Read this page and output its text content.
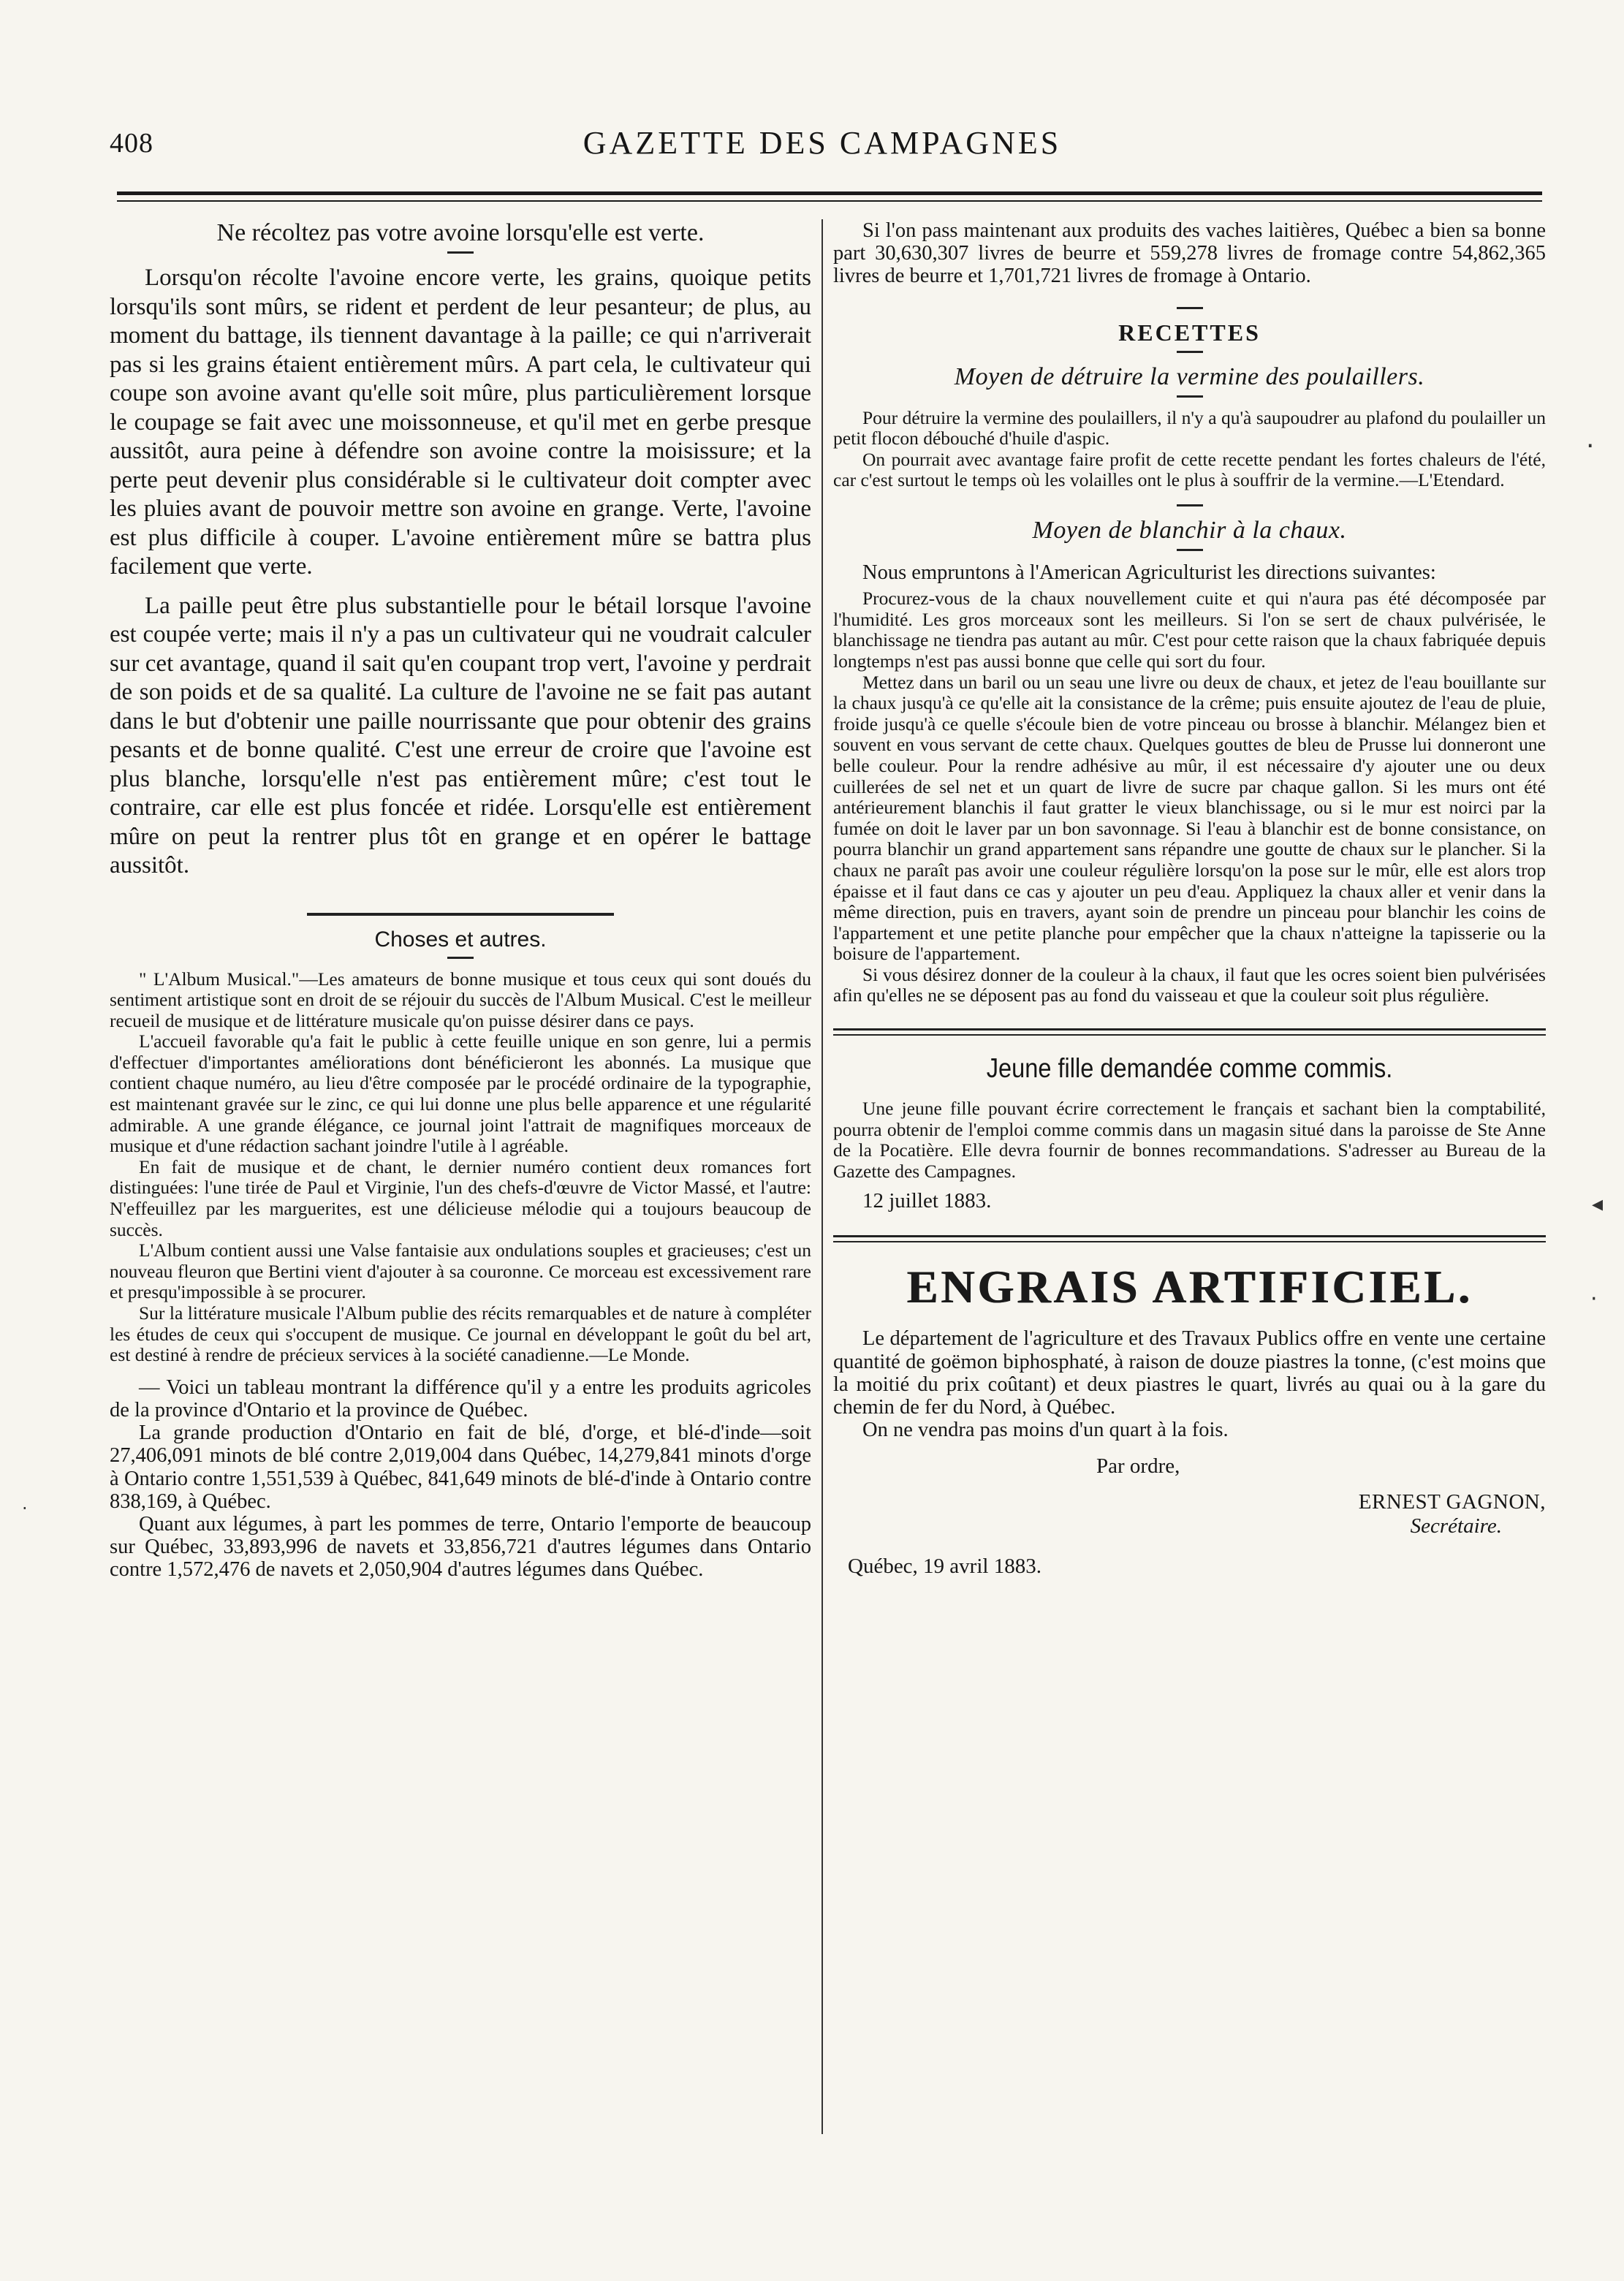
408	GAZETTE DES CAMPAGNES
Ne récoltez pas votre avoine lorsqu'elle est verte.

Lorsqu'on récolte l'avoine encore verte, les grains, quoique petits lorsqu'ils sont mûrs, se rident et perdent de leur pesanteur; de plus, au moment du battage, ils tiennent davantage à la paille; ce qui n'arriverait pas si les grains étaient entièrement mûrs. A part cela, le cultivateur qui coupe son avoine avant qu'elle soit mûre, plus particulièrement lorsque le coupage se fait avec une moissonneuse, et qu'il met en gerbe presque aussitôt, aura peine à défendre son avoine contre la moisissure; et la perte peut devenir plus considérable si le cultivateur doit compter avec les pluies avant de pouvoir mettre son avoine en grange. Verte, l'avoine est plus difficile à couper. L'avoine entièrement mûre se battra plus facilement que verte.

La paille peut être plus substantielle pour le bétail lorsque l'avoine est coupée verte; mais il n'y a pas un cultivateur qui ne voudrait calculer sur cet avantage, quand il sait qu'en coupant trop vert, l'avoine y perdrait de son poids et de sa qualité. La culture de l'avoine ne se fait pas autant dans le but d'obtenir une paille nourrissante que pour obtenir des grains pesants et de bonne qualité. C'est une erreur de croire que l'avoine est plus blanche, lorsqu'elle n'est pas entièrement mûre; c'est tout le contraire, car elle est plus foncée et ridée. Lorsqu'elle est entièrement mûre on peut la rentrer plus tôt en grange et en opérer le battage aussitôt.

Choses et autres.

" L'Album Musical."—Les amateurs de bonne musique et tous ceux qui sont doués du sentiment artistique sont en droit de se réjouir du succès de l'Album Musical. C'est le meilleur recueil de musique et de littérature musicale qu'on puisse désirer dans ce pays.

L'accueil favorable qu'a fait le public à cette feuille unique en son genre, lui a permis d'effectuer d'importantes améliorations dont bénéficieront les abonnés. La musique que contient chaque numéro, au lieu d'être composée par le procédé ordinaire de la typographie, est maintenant gravée sur le zinc, ce qui lui donne une plus belle apparence et une régularité admirable. A une grande élégance, ce journal joint l'attrait de magnifiques morceaux de musique et d'une rédaction sachant joindre l'utile à l agréable.

En fait de musique et de chant, le dernier numéro contient deux romances fort distinguées: l'une tirée de Paul et Virginie, l'un des chefs-d'œuvre de Victor Massé, et l'autre: N'effeuillez par les marguerites, est une délicieuse mélodie qui a toujours beaucoup de succès.

L'Album contient aussi une Valse fantaisie aux ondulations souples et gracieuses; c'est un nouveau fleuron que Bertini vient d'ajouter à sa couronne. Ce morceau est excessivement rare et presqu'impossible à se procurer.

Sur la littérature musicale l'Album publie des récits remarquables et de nature à compléter les études de ceux qui s'occupent de musique. Ce journal en développant le goût du bel art, est destiné à rendre de précieux services à la société canadienne.—Le Monde.

— Voici un tableau montrant la différence qu'il y a entre les produits agricoles de la province d'Ontario et la province de Québec.

La grande production d'Ontario en fait de blé, d'orge, et blé-d'inde—soit 27,406,091 minots de blé contre 2,019,004 dans Québec, 14,279,841 minots d'orge à Ontario contre 1,551,539 à Québec, 841,649 minots de blé-d'inde à Ontario contre 838,169, à Québec.

Quant aux légumes, à part les pommes de terre, Ontario l'emporte de beaucoup sur Québec, 33,893,996 de navets et 33,856,721 d'autres légumes dans Ontario contre 1,572,476 de navets et 2,050,904 d'autres légumes dans Québec.

Si l'on pass maintenant aux produits des vaches laitières, Québec a bien sa bonne part 30,630,307 livres de beurre et 559,278 livres de fromage contre 54,862,365 livres de beurre et 1,701,721 livres de fromage à Ontario.

RECETTES
Moyen de détruire la vermine des poulaillers.

Pour détruire la vermine des poulaillers, il n'y a qu'à saupoudrer au plafond du poulailler un petit flocon débouché d'huile d'aspic.

On pourrait avec avantage faire profit de cette recette pendant les fortes chaleurs de l'été, car c'est surtout le temps où les volailles ont le plus à souffrir de la vermine.—L'Etendard.

Moyen de blanchir à la chaux.

Nous empruntons à l'American Agriculturist les directions suivantes:

Procurez-vous de la chaux nouvellement cuite et qui n'aura pas été décomposée par l'humidité. Les gros morceaux sont les meilleurs. Si l'on se sert de chaux pulvérisée, le blanchissage ne tiendra pas autant au mûr. C'est pour cette raison que la chaux fabriquée depuis longtemps n'est pas aussi bonne que celle qui sort du four.

Mettez dans un baril ou un seau une livre ou deux de chaux, et jetez de l'eau bouillante sur la chaux jusqu'à ce qu'elle ait la consistance de la crême; puis ensuite ajoutez de l'eau de pluie, froide jusqu'à ce quelle s'écoule bien de votre pinceau ou brosse à blanchir. Mélangez bien et souvent en vous servant de cette chaux. Quelques gouttes de bleu de Prusse lui donneront une belle couleur. Pour la rendre adhésive au mûr, il est nécessaire d'y ajouter une ou deux cuillerées de sel net et un quart de livre de sucre par chaque gallon. Si les murs ont été antérieurement blanchis il faut gratter le vieux blanchissage, ou si le mur est noirci par la fumée on doit le laver par un bon savonnage. Si l'eau à blanchir est de bonne consistance, on pourra blanchir un grand appartement sans répandre une goutte de chaux sur le plancher. Si la chaux ne paraît pas avoir une couleur régulière lorsqu'on la pose sur le mûr, elle est alors trop épaisse et il faut dans ce cas y ajouter un peu d'eau. Appliquez la chaux aller et venir dans la même direction, puis en travers, ayant soin de prendre un pinceau pour blanchir les coins de l'appartement et une petite planche pour empêcher que la chaux n'atteigne la tapisserie ou la boisure de l'appartement.

Si vous désirez donner de la couleur à la chaux, il faut que les ocres soient bien pulvérisées afin qu'elles ne se déposent pas au fond du vaisseau et que la couleur soit plus régulière.

Jeune fille demandée comme commis.

Une jeune fille pouvant écrire correctement le français et sachant bien la comptabilité, pourra obtenir de l'emploi comme commis dans un magasin situé dans la paroisse de Ste Anne de la Pocatière. Elle devra fournir de bonnes recommandations. S'adresser au Bureau de la Gazette des Campagnes.

12 juillet 1883.
ENGRAIS ARTIFICIEL.

Le département de l'agriculture et des Travaux Publics offre en vente une certaine quantité de goëmon biphosphaté, à raison de douze piastres la tonne, (c'est moins que la moitié du prix coûtant) et deux piastres le quart, livrés au quai ou à la gare du chemin de fer du Nord, à Québec.

On ne vendra pas moins d'un quart à la fois.

Par ordre,
ERNEST GAGNON,
Secrétaire.
Québec, 19 avril 1883.
·
◂
·
·
